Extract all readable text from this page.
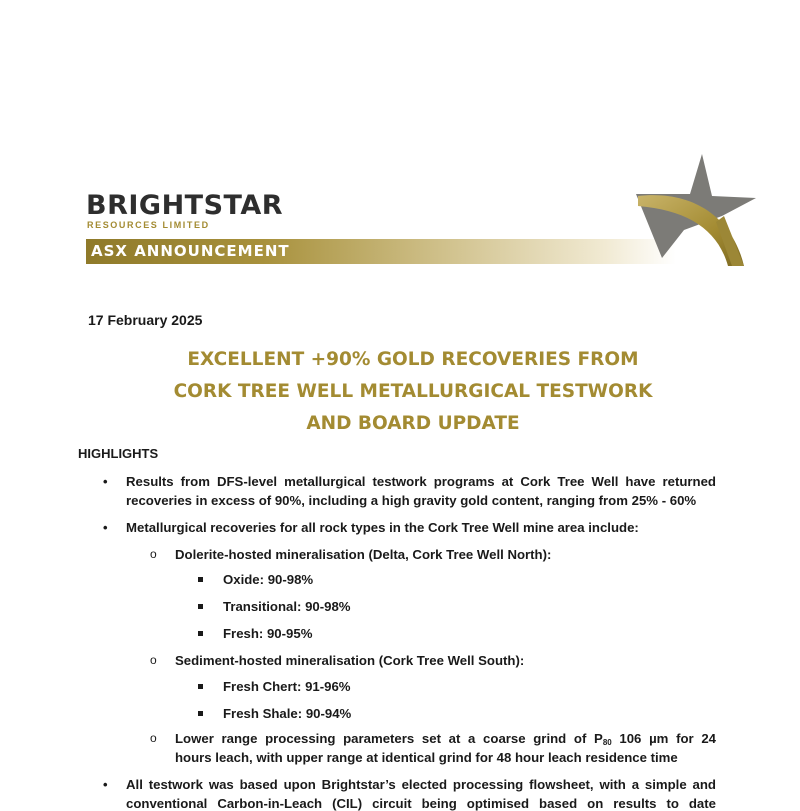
BRIGHTSTAR
RESOURCES LIMITED
ASX ANNOUNCEMENT
17 February 2025
EXCELLENT +90% GOLD RECOVERIES FROM
CORK TREE WELL METALLURGICAL TESTWORK
AND BOARD UPDATE
HIGHLIGHTS
• Results from DFS-level metallurgical testwork programs at Cork Tree Well have returned
recoveries in excess of 90%, including a high gravity gold content, ranging from 25% - 60%
• Metallurgical recoveries for all rock types in the Cork Tree Well mine area include:
o Dolerite-hosted mineralisation (Delta, Cork Tree Well North):
Oxide: 90-98%
Transitional: 90-98%
Fresh: 90-95%
o Sediment-hosted mineralisation (Cork Tree Well South):
Fresh Chert: 91-96%
Fresh Shale: 90-94%
o Lower range processing parameters set at a coarse grind of $P_{80}$ 106 µm for 24
hours leach, with upper range at identical grind for 48 hour leach residence time
• All testwork was based upon Brightstar’s elected processing flowsheet, with a simple and
conventional Carbon-in-Leach (CIL) circuit being optimised based on results to date
